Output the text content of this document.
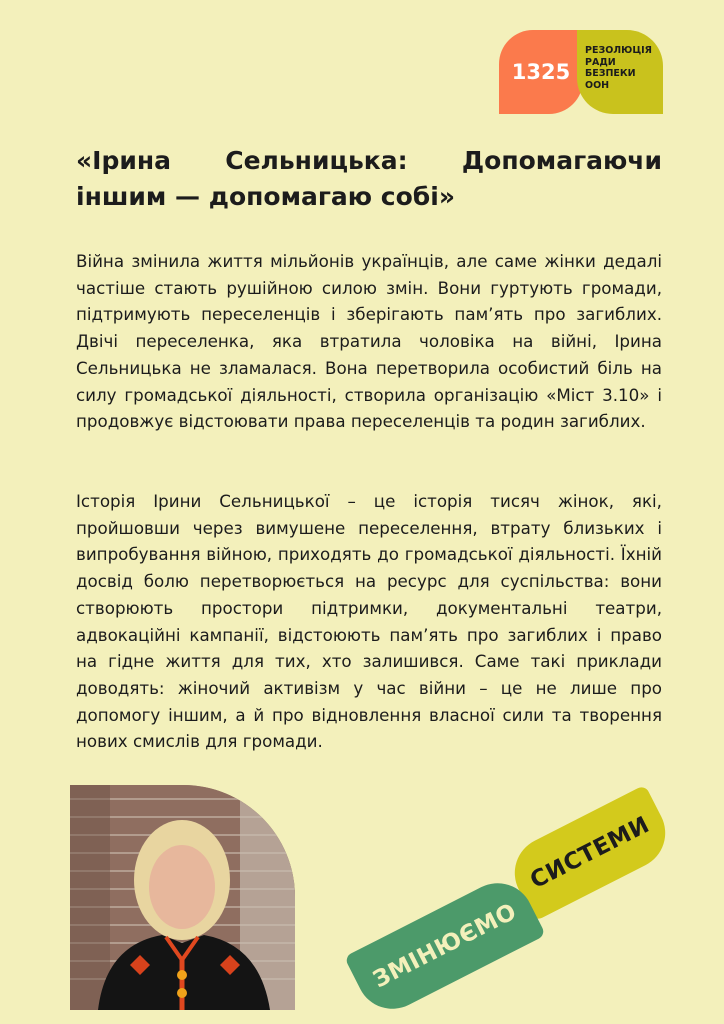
1325
РЕЗОЛЮЦІЯ
РАДИ
БЕЗПЕКИ
ООН
«Ірина Сельницька: Допомагаючи іншим — допомагаю собі»

Війна змінила життя мільйонів українців, але саме жінки дедалі частіше стають рушійною силою змін. Вони гуртують громади, підтримують переселенців і зберігають пам’ять про загиблих. Двічі переселенка, яка втратила чоловіка на війні, Ірина Сельницька не зламалася. Вона перетворила особистий біль на силу громадської діяльності, створила організацію «Міст 3.10» і продовжує відстоювати права переселенців та родин загиблих.

Історія Ірини Сельницької – це історія тисяч жінок, які, пройшовши через вимушене переселення, втрату близьких і випробування війною, приходять до громадської діяльності. Їхній досвід болю перетворюється на ресурс для суспільства: вони створюють простори підтримки, документальні театри, адвокаційні кампанії, відстоюють пам’ять про загиблих і право на гідне життя для тих, хто залишився. Саме такі приклади доводять: жіночий активізм у час війни – це не лише про допомогу іншим, а й про відновлення власної сили та творення нових смислів для громади.

СИСТЕМИ
ЗМІНЮЄМО
